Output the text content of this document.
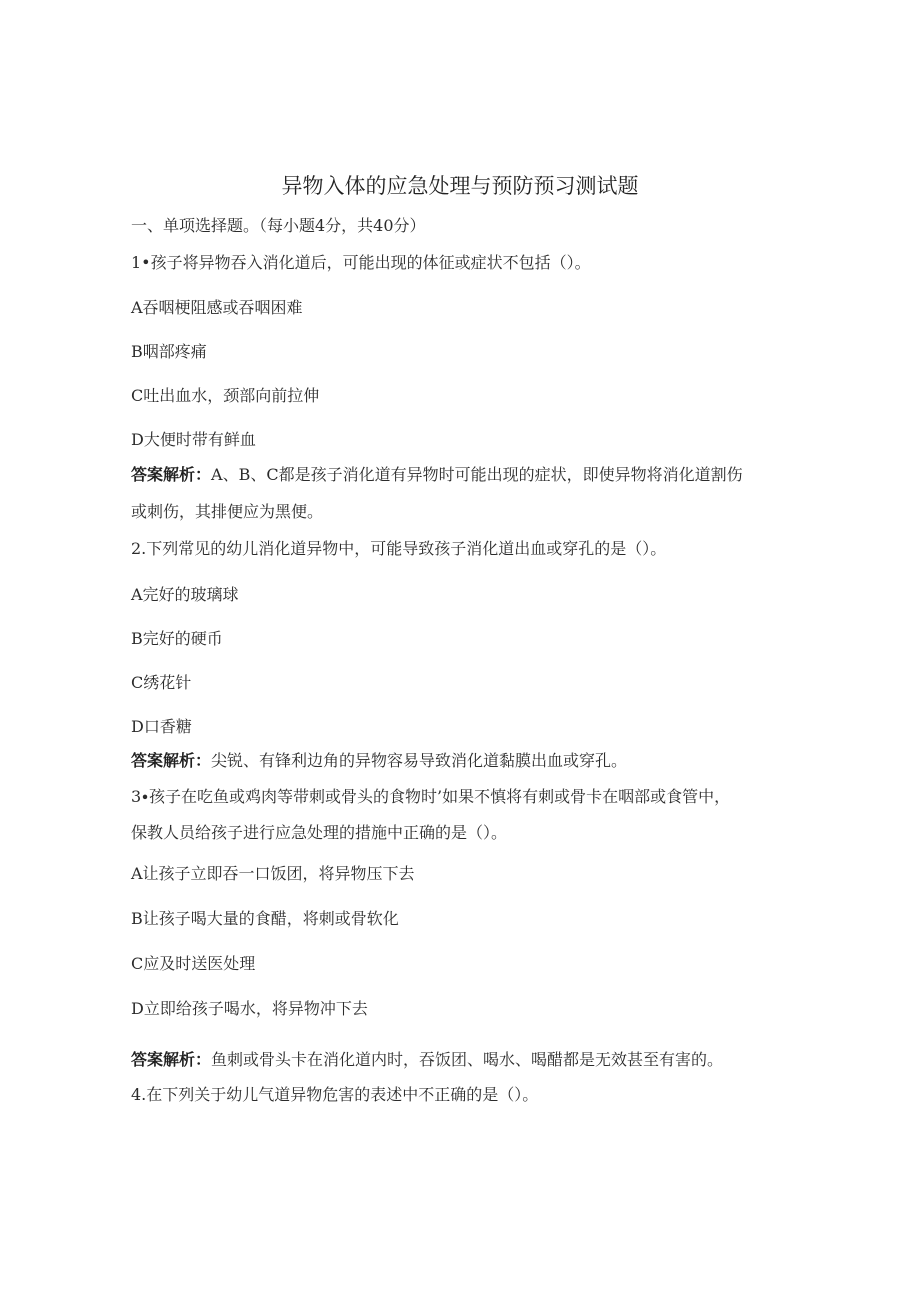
异物入体的应急处理与预防预习测试题
一、单项选择题。（每小题4分，共40分）
1•孩子将异物吞入消化道后，可能出现的体征或症状不包括（）。
A吞咽梗阻感或吞咽困难
B咽部疼痛
C吐出血水，颈部向前拉伸
D大便时带有鲜血
答案解析：A、B、C都是孩子消化道有异物时可能出现的症状，即使异物将消化道割伤
或刺伤，其排便应为黑便。
2.下列常见的幼儿消化道异物中，可能导致孩子消化道出血或穿孔的是（）。
A完好的玻璃球
B完好的硬币
C绣花针
D口香糖
答案解析：尖锐、有锋利边角的异物容易导致消化道黏膜出血或穿孔。
3∙孩子在吃鱼或鸡肉等带刺或骨头的食物时’如果不慎将有刺或骨卡在咽部或食管中，
保教人员给孩子进行应急处理的措施中正确的是（）。
A让孩子立即吞一口饭团，将异物压下去
B让孩子喝大量的食醋，将刺或骨软化
C应及时送医处理
D立即给孩子喝水，将异物冲下去
答案解析：鱼刺或骨头卡在消化道内时，吞饭团、喝水、喝醋都是无效甚至有害的。
4.在下列关于幼儿气道异物危害的表述中不正确的是（）。
